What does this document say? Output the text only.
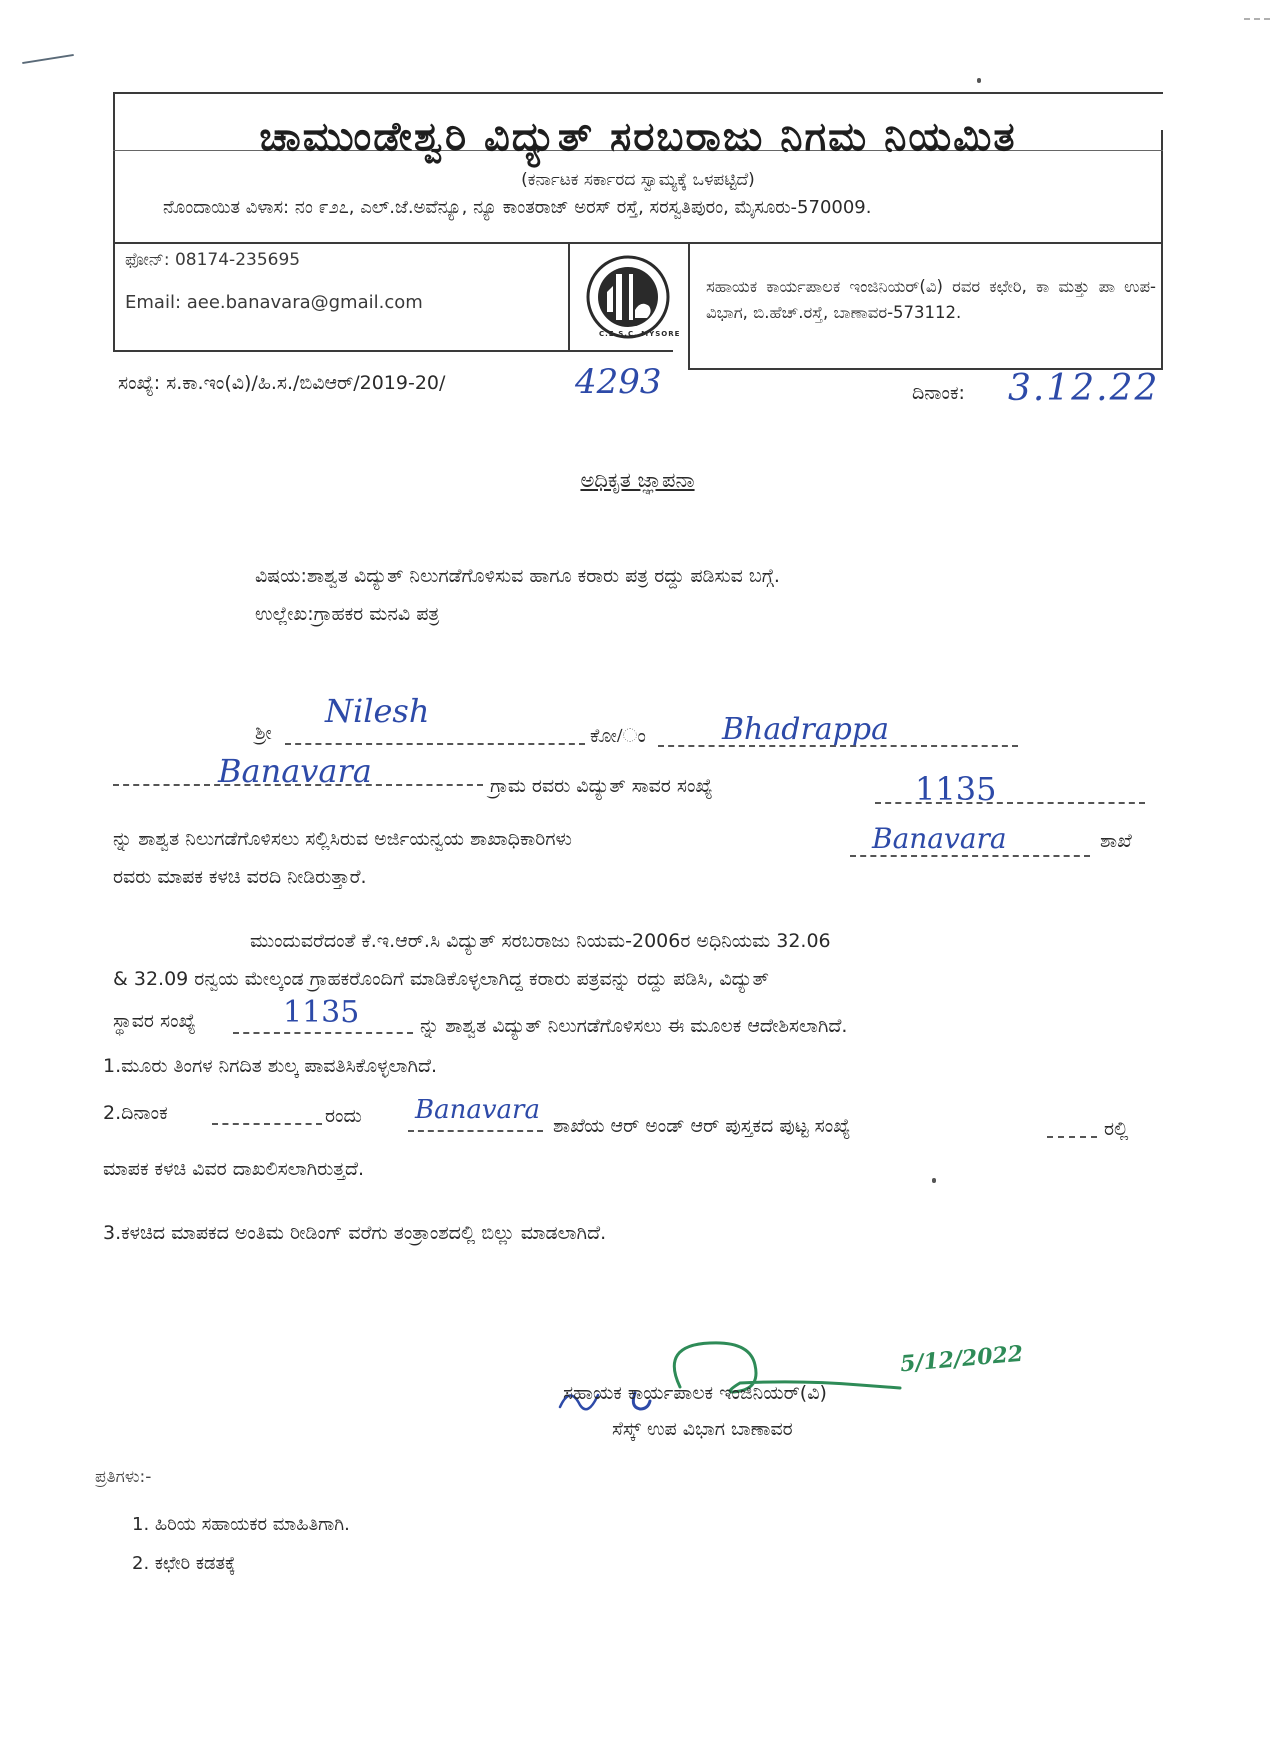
ಚಾಮುಂಡೇಶ್ವರಿ ವಿದ್ಯುತ್ ಸರಬರಾಜು ನಿಗಮ ನಿಯಮಿತ
(ಕರ್ನಾಟಕ ಸರ್ಕಾರದ ಸ್ವಾಮ್ಯಕ್ಕೆ ಒಳಪಟ್ಟಿದೆ)
ನೊಂದಾಯಿತ ವಿಳಾಸ: ನಂ ೯೨೭, ಎಲ್.ಜೆ.ಅವೆನ್ಯೂ, ನ್ಯೂ ಕಾಂತರಾಜ್ ಅರಸ್ ರಸ್ತೆ, ಸರಸ್ವತಿಪುರಂ, ಮೈಸೂರು-570009.
ಫೋನ್: 08174-235695
Email: aee.banavara@gmail.com
C.E.S.C. MYSORE
ಸಹಾಯಕ ಕಾರ್ಯಪಾಲಕ ಇಂಜಿನಿಯರ್(ವಿ) ರವರ ಕಛೇರಿ, ಕಾ ಮತ್ತು ಪಾ ಉಪ-ವಿಭಾಗ, ಬಿ.ಹೆಚ್.ರಸ್ತೆ, ಬಾಣಾವರ-573112.
ಸಂಖ್ಯೆ: ಸ.ಕಾ.ಇಂ(ವಿ)/ಹಿ.ಸ./ಬಿವಿಆರ್/2019-20/	4293	ದಿನಾಂಕ: 3.12.22
ಅಧಿಕೃತ ಜ್ಞಾಪನಾ
ವಿಷಯ:ಶಾಶ್ವತ ವಿದ್ಯುತ್ ನಿಲುಗಡೆಗೊಳಿಸುವ ಹಾಗೂ ಕರಾರು ಪತ್ರ ರದ್ದು ಪಡಿಸುವ ಬಗ್ಗೆ.
ಉಲ್ಲೇಖ:ಗ್ರಾಹಕರ ಮನವಿ ಪತ್ರ
ಶ್ರೀ
Nilesh
ಕೋ/ಂ	Bhadrappa
Banavara	ಗ್ರಾಮ ರವರು ವಿದ್ಯುತ್ ಸಾವರ ಸಂಖ್ಯೆ	1135
ನ್ನು ಶಾಶ್ವತ ನಿಲುಗಡೆಗೊಳಿಸಲು ಸಲ್ಲಿಸಿರುವ ಅರ್ಜಿಯನ್ವಯ ಶಾಖಾಧಿಕಾರಿಗಳು	Banavara	ಶಾಖೆ
ರವರು ಮಾಪಕ ಕಳಚಿ ವರದಿ ನೀಡಿರುತ್ತಾರೆ.
ಮುಂದುವರೆದಂತೆ ಕೆ.ಇ.ಆರ್.ಸಿ ವಿದ್ಯುತ್ ಸರಬರಾಜು ನಿಯಮ-2006ರ ಅಧಿನಿಯಮ 32.06
& 32.09 ರನ್ವಯ ಮೇಲ್ಕಂಡ ಗ್ರಾಹಕರೊಂದಿಗೆ ಮಾಡಿಕೊಳ್ಳಲಾಗಿದ್ದ ಕರಾರು ಪತ್ರವನ್ನು ರದ್ದು ಪಡಿಸಿ, ವಿದ್ಯುತ್
ಸ್ಥಾವರ ಸಂಖ್ಯೆ	1135	ನ್ನು ಶಾಶ್ವತ ವಿದ್ಯುತ್ ನಿಲುಗಡೆಗೊಳಿಸಲು ಈ ಮೂಲಕ ಆದೇಶಿಸಲಾಗಿದೆ.
1.ಮೂರು ತಿಂಗಳ ನಿಗದಿತ ಶುಲ್ಕ ಪಾವತಿಸಿಕೊಳ್ಳಲಾಗಿದೆ.
2.ದಿನಾಂಕ	ರಂದು Banavara
ಶಾಖೆಯ ಆರ್ ಅಂಡ್ ಆರ್ ಪುಸ್ತಕದ ಪುಟ್ಟ ಸಂಖ್ಯೆ	ರಲ್ಲಿ
ಮಾಪಕ ಕಳಚಿ ವಿವರ ದಾಖಲಿಸಲಾಗಿರುತ್ತದೆ.
3.ಕಳಚಿದ ಮಾಪಕದ ಅಂತಿಮ ರೀಡಿಂಗ್ ವರೆಗು ತಂತ್ರಾಂಶದಲ್ಲಿ ಬಿಲ್ಲು ಮಾಡಲಾಗಿದೆ.
5/12/2022
ಸಹಾಯಕ ಕಾರ್ಯಪಾಲಕ ಇಂಜಿನಿಯರ್(ವಿ)
ಸೆಸ್ಕ್ ಉಪ ವಿಭಾಗ ಬಾಣಾವರ
ಪ್ರತಿಗಳು:-
1. ಹಿರಿಯ ಸಹಾಯಕರ ಮಾಹಿತಿಗಾಗಿ.
2. ಕಛೇರಿ ಕಡತಕ್ಕೆ
